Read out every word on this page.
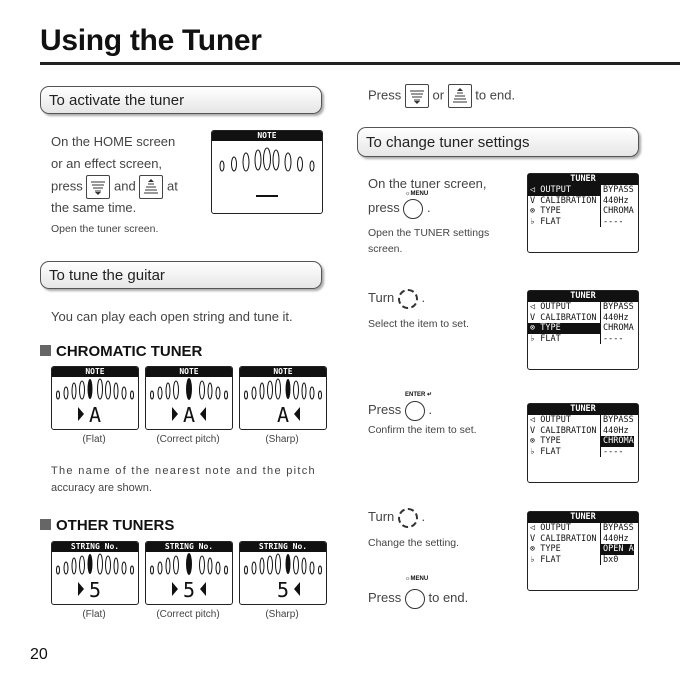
Using the Tuner
To activate the tuner
On the HOME screen
or an effect screen,
press and at
the same time.
Open the tuner screen.
NOTE
Press or to end.
To tune the guitar
You can play each open string and tune it.
CHROMATIC TUNER
NOTE
A
NOTE
A
NOTE
A
(Flat)	(Correct pitch)	(Sharp)
The name of the nearest note and the pitch
accuracy are shown.
OTHER TUNERS
STRING No.
5
STRING No.
5
STRING No.
5
(Flat)	(Correct pitch)	(Sharp)
To change tuner settings
On the tuner screen,
☼MENU
press .
Open the TUNER settings
screen.
Turn .
Select the item to set.
ENTER ↵
Press .
Confirm the item to set.
Turn .
Change the setting.
☼MENU
Press to end.
TUNER
◁ OUTPUT	BYPASS
V CALIBRATION 440Hz
⊗ TYPE	CHROMA
♭ FLAT	----
TUNER
◁ OUTPUT	BYPASS
V CALIBRATION 440Hz
⊗ TYPE	CHROMA
♭ FLAT	----
TUNER
◁ OUTPUT	BYPASS
V CALIBRATION 440Hz
⊗ TYPE	CHROMA
♭ FLAT	----
TUNER
◁ OUTPUT	BYPASS
V CALIBRATION 440Hz
⊗ TYPE	OPEN A
♭ FLAT	bx0
20
